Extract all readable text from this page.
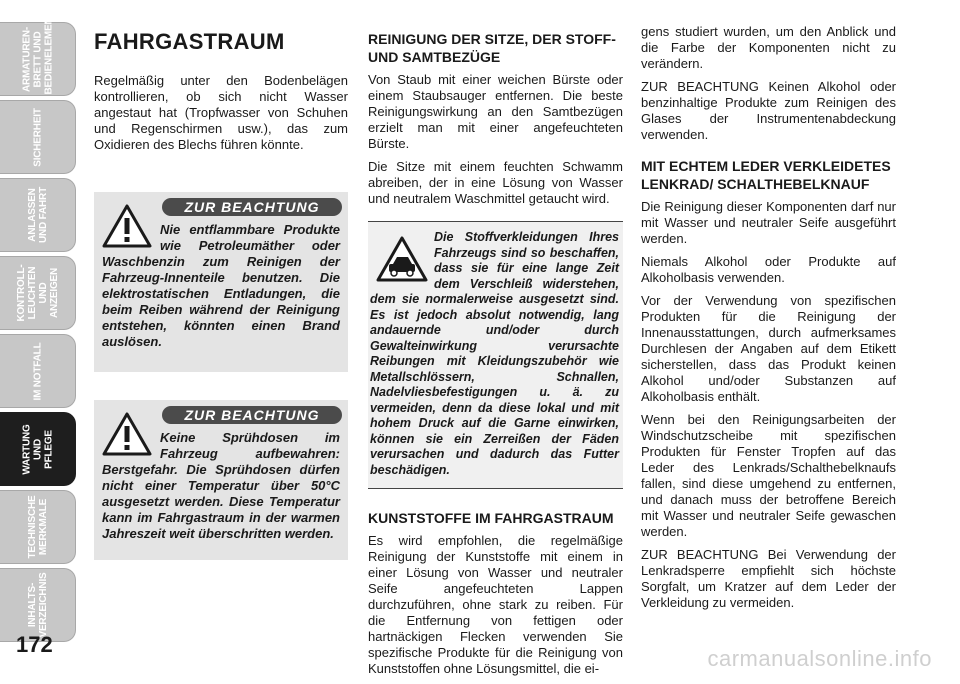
ARMATUREN-
BRETT UND
BEDIENELEMENTE
SICHERHEIT
ANLASSEN
UND FAHRT
KONTROLL-
LEUCHTEN UND
ANZEIGEN
IM NOTFALL
WARTUNG UND
PFLEGE
TECHNISCHE
MERKMALE
INHALTS-
VERZEICHNIS
172
FAHRGASTRAUM

Regelmäßig unter den Bodenbelägen kontrollieren, ob sich nicht Wasser angestaut hat (Tropfwasser von Schuhen und Regenschirmen usw.), das zum Oxidieren des Blechs führen könnte.

ZUR BEACHTUNG
Nie entflammbare Produkte wie Petroleumäther oder Waschbenzin zum Reinigen der Fahrzeug-Innenteile benutzen. Die elektrostatischen Entladungen, die beim Reiben während der Reinigung entstehen, könnten einen Brand auslösen.
ZUR BEACHTUNG
Keine Sprühdosen im Fahrzeug aufbewahren: Berstgefahr. Die Sprühdosen dürfen nicht einer Temperatur über 50°C ausgesetzt werden. Diese Temperatur kann im Fahrgastraum in der warmen Jahreszeit weit überschritten werden.
REINIGUNG DER SITZE, DER STOFF- UND SAMTBEZÜGE

Von Staub mit einer weichen Bürste oder einem Staubsauger entfernen. Die beste Reinigungswirkung an den Samtbezügen erzielt man mit einer angefeuchteten Bürste.

Die Sitze mit einem feuchten Schwamm abreiben, der in eine Lösung von Wasser und neutralem Waschmittel getaucht wird.

Die Stoffverkleidungen Ihres Fahrzeugs sind so beschaffen, dass sie für eine lange Zeit dem Verschleiß widerstehen, dem sie normalerweise ausgesetzt sind. Es ist jedoch absolut notwendig, lang andauernde und/oder durch Gewalteinwirkung verursachte Reibungen mit Kleidungszubehör wie Metallschlössern, Schnallen, Nadelvliesbefestigungen u. ä. zu vermeiden, denn da diese lokal und mit hohem Druck auf die Garne einwirken, können sie ein Zerreißen der Fäden verursachen und dadurch das Futter beschädigen.

KUNSTSTOFFE IM FAHRGASTRAUM

Es wird empfohlen, die regelmäßige Reinigung der Kunststoffe mit einem in einer Lösung von Wasser und neutraler Seife angefeuchteten Lappen durchzuführen, ohne stark zu reiben. Für die Entfernung von fettigen oder hartnäckigen Flecken verwenden Sie spezifische Produkte für die Reinigung von Kunststoffen ohne Lösungsmittel, die ei-

gens studiert wurden, um den Anblick und die Farbe der Komponenten nicht zu verändern.

ZUR BEACHTUNG Keinen Alkohol oder benzinhaltige Produkte zum Reinigen des Glases der Instrumentenabdeckung verwenden.

MIT ECHTEM LEDER VERKLEIDETES LENKRAD/ SCHALTHEBELKNAUF

Die Reinigung dieser Komponenten darf nur mit Wasser und neutraler Seife ausgeführt werden.

Niemals Alkohol oder Produkte auf Alkoholbasis verwenden.

Vor der Verwendung von spezifischen Produkten für die Reinigung der Innenausstattungen, durch aufmerksames Durchlesen der Angaben auf dem Etikett sicherstellen, dass das Produkt keinen Alkohol und/oder Substanzen auf Alkoholbasis enthält.

Wenn bei den Reinigungsarbeiten der Windschutzscheibe mit spezifischen Produkten für Fenster Tropfen auf das Leder des Lenkrads/Schalthebelknaufs fallen, sind diese umgehend zu entfernen, und danach muss der betroffene Bereich mit Wasser und neutraler Seife gewaschen werden.

ZUR BEACHTUNG Bei Verwendung der Lenkradsperre empfiehlt sich höchste Sorgfalt, um Kratzer auf dem Leder der Verkleidung zu vermeiden.

carmanualsonline.info
